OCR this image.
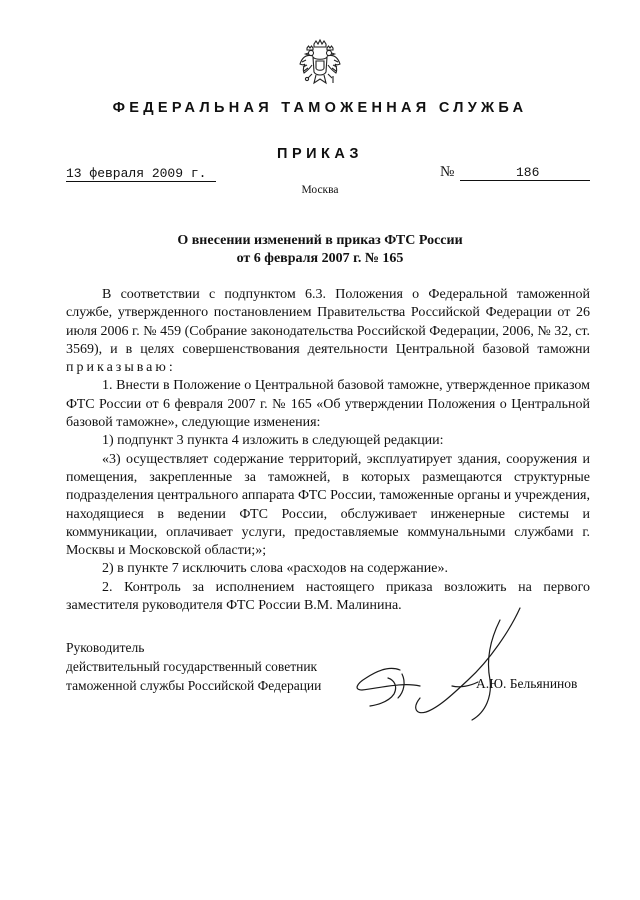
ФЕДЕРАЛЬНАЯ ТАМОЖЕННАЯ СЛУЖБА
ПРИКАЗ
13 февраля 2009 г.	№	186
Москва
О внесении изменений в приказ ФТС России
от 6 февраля 2007 г. № 165

В соответствии с подпунктом 6.3. Положения о Федеральной таможенной службе, утвержденного постановлением Правительства Российской Федерации от 26 июля 2006 г. № 459 (Собрание законодательства Российской Федерации, 2006, № 32, ст. 3569), и в целях совершенствования деятельности Центральной базовой таможни приказываю:

1. Внести в Положение о Центральной базовой таможне, утвержденное приказом ФТС России от 6 февраля 2007 г. № 165 «Об утверждении Положения о Центральной базовой таможне», следующие изменения:

1) подпункт 3 пункта 4 изложить в следующей редакции:

«3) осуществляет содержание территорий, эксплуатирует здания, сооружения и помещения, закрепленные за таможней, в которых размещаются структурные подразделения центрального аппарата ФТС России, таможенные органы и учреждения, находящиеся в ведении ФТС России, обслуживает инженерные системы и коммуникации, оплачивает услуги, предоставляемые коммунальными службами г. Москвы и Московской области;»;

2) в пункте 7 исключить слова «расходов на содержание».

2. Контроль за исполнением настоящего приказа возложить на первого заместителя руководителя ФТС России В.М. Малинина.

Руководитель
действительный государственный советник
таможенной службы Российской Федерации	А.Ю. Бельянинов
